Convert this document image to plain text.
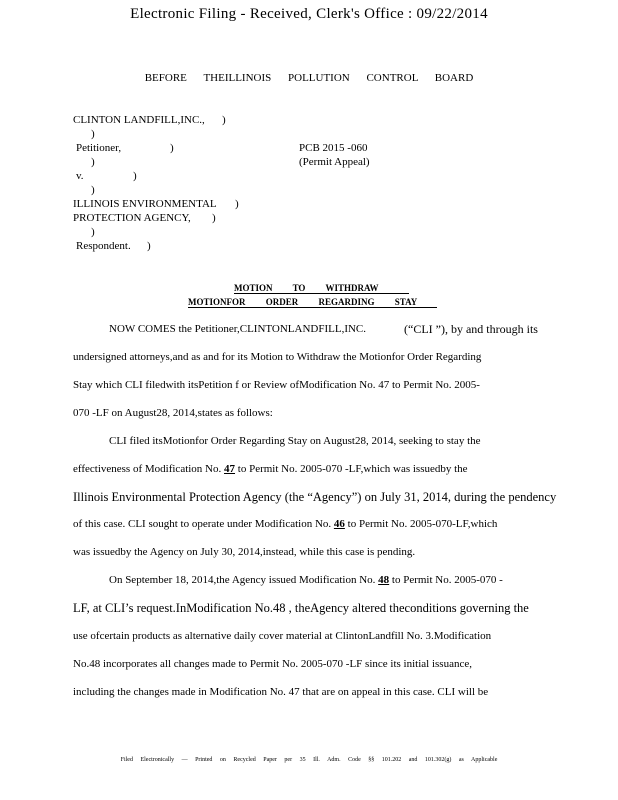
Electronic Filing - Received, Clerk's Office : 09/22/2014
BEFORE THEILLINOIS POLLUTION CONTROL BOARD
CLINTON LANDFILL,INC., )
)
Petitioner,	)	PCB 2015 -060
)	(Permit Appeal)
v.	)
)
ILLINOIS ENVIRONMENTAL )
PROTECTION AGENCY, )
)
Respondent. )
MOTION TO WITHDRAW
MOTIONFOR ORDER REGARDING STAY
NOW COMES the Petitioner,CLINTONLANDFILL,INC.	(“CLI ”), by and through its
undersigned attorneys,and as and for its Motion to Withdraw the Motionfor Order Regarding
Stay which CLI filedwith itsPetition f or Review ofModification No. 47 to Permit No. 2005-
070 -LF on August28, 2014,states as follows:
CLI filed itsMotionfor Order Regarding Stay on August28, 2014, seeking to stay the
effectiveness of Modification No. 47 to Permit No. 2005-070 -LF,which was issuedby the
Illinois Environmental Protection Agency (the “Agency”) on July 31, 2014, during the pendency
of this case. CLI sought to operate under Modification No. 46 to Permit No. 2005-070-LF,which
was issuedby the Agency on July 30, 2014,instead, while this case is pending.
On September 18, 2014,the Agency issued Modification No. 48 to Permit No. 2005-070 -
LF, at CLI’s request.InModification No.48 , theAgency altered theconditions governing the
use ofcertain products as alternative daily cover material at ClintonLandfill No. 3.Modification
No.48 incorporates all changes made to Permit No. 2005-070 -LF since its initial issuance,
including the changes made in Modification No. 47 that are on appeal in this case. CLI will be
Filed Electronically — Printed on Recycled Paper per 35 Ill. Adm. Code §§ 101.202 and 101.302(g) as Applicable
